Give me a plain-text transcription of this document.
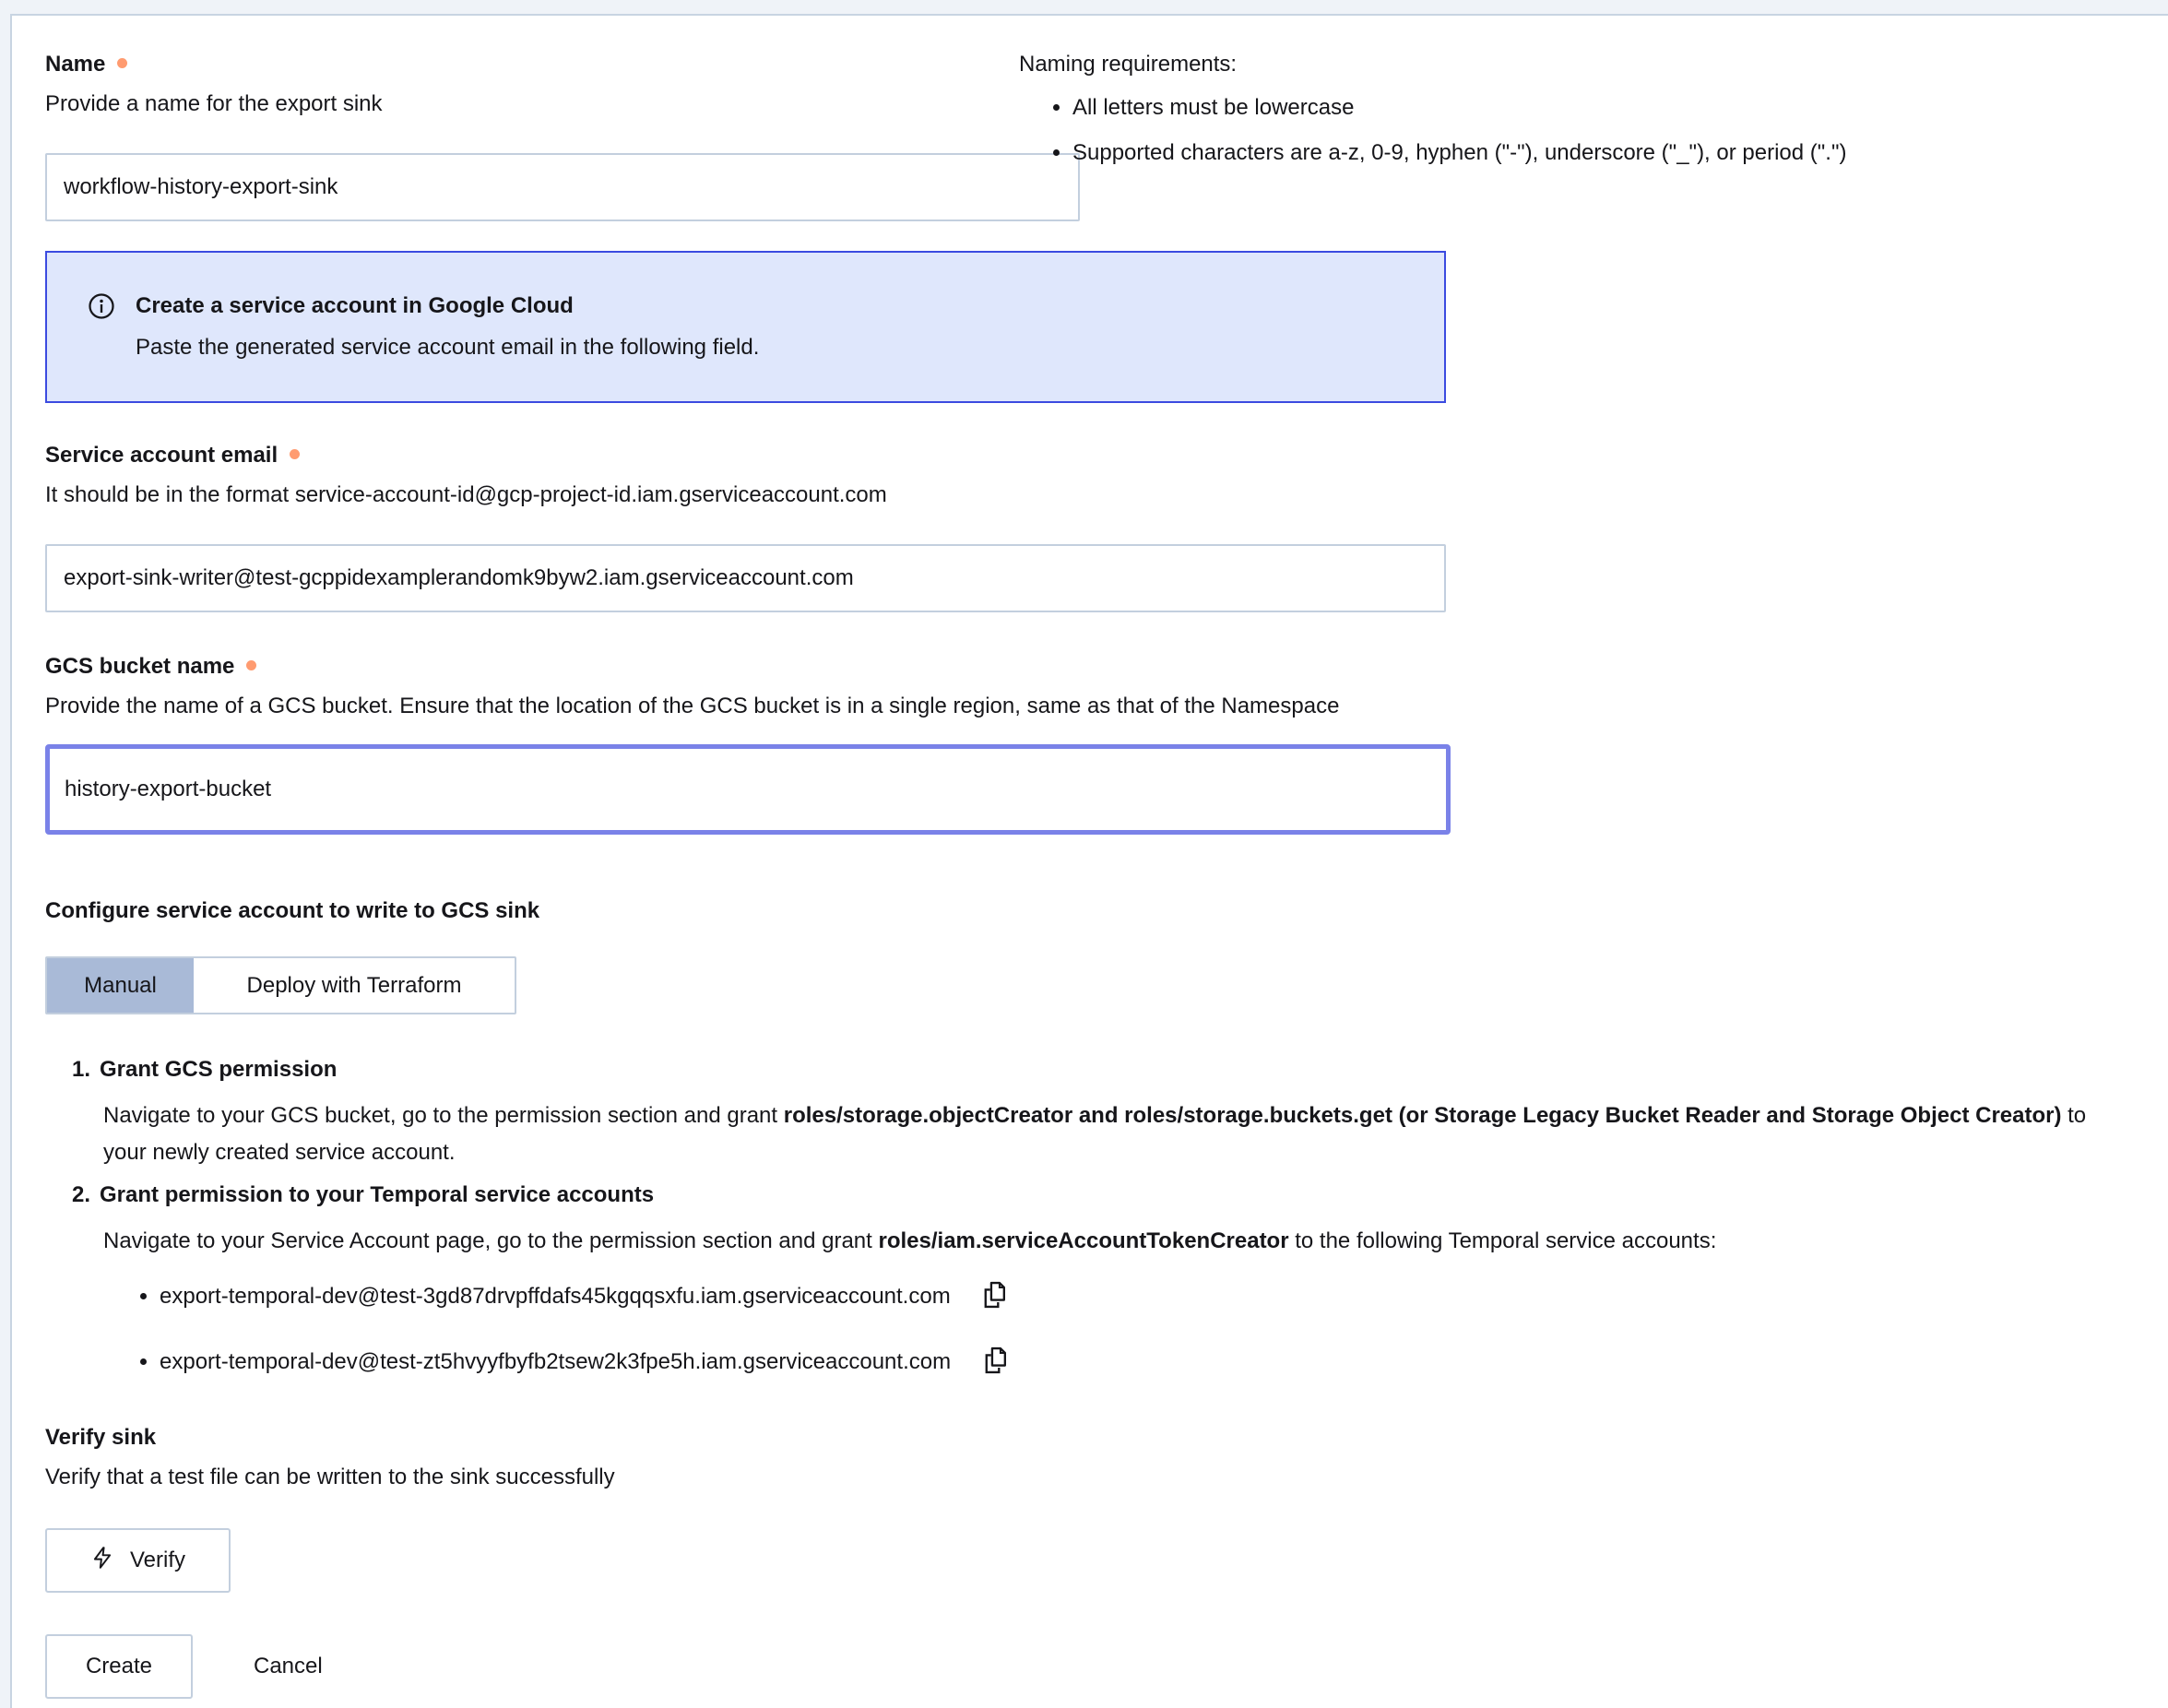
Naming requirements:
• All letters must be lowercase
• Supported characters are a-z, 0-9, hyphen ("-"), underscore ("_"), or period (".")
Name
Provide a name for the export sink
workflow-history-export-sink
Create a service account in Google Cloud
Paste the generated service account email in the following field.
Service account email
It should be in the format service-account-id@gcp-project-id.iam.gserviceaccount.com
export-sink-writer@test-gcppidexamplerandomk9byw2.iam.gserviceaccount.com
GCS bucket name
Provide the name of a GCS bucket. Ensure that the location of the GCS bucket is in a single region, same as that of the Namespace
history-export-bucket
Configure service account to write to GCS sink
Manual	Deploy with Terraform
1. Grant GCS permission
Navigate to your GCS bucket, go to the permission section and grant roles/storage.objectCreator and roles/storage.buckets.get (or Storage Legacy Bucket Reader and Storage Object Creator) to your newly created service account.
2. Grant permission to your Temporal service accounts
Navigate to your Service Account page, go to the permission section and grant roles/iam.serviceAccountTokenCreator to the following Temporal service accounts:
• export-temporal-dev@test-3gd87drvpffdafs45kgqqsxfu.iam.gserviceaccount.com
• export-temporal-dev@test-zt5hvyyfbyfb2tsew2k3fpe5h.iam.gserviceaccount.com
Verify sink
Verify that a test file can be written to the sink successfully
Verify
Create	Cancel
